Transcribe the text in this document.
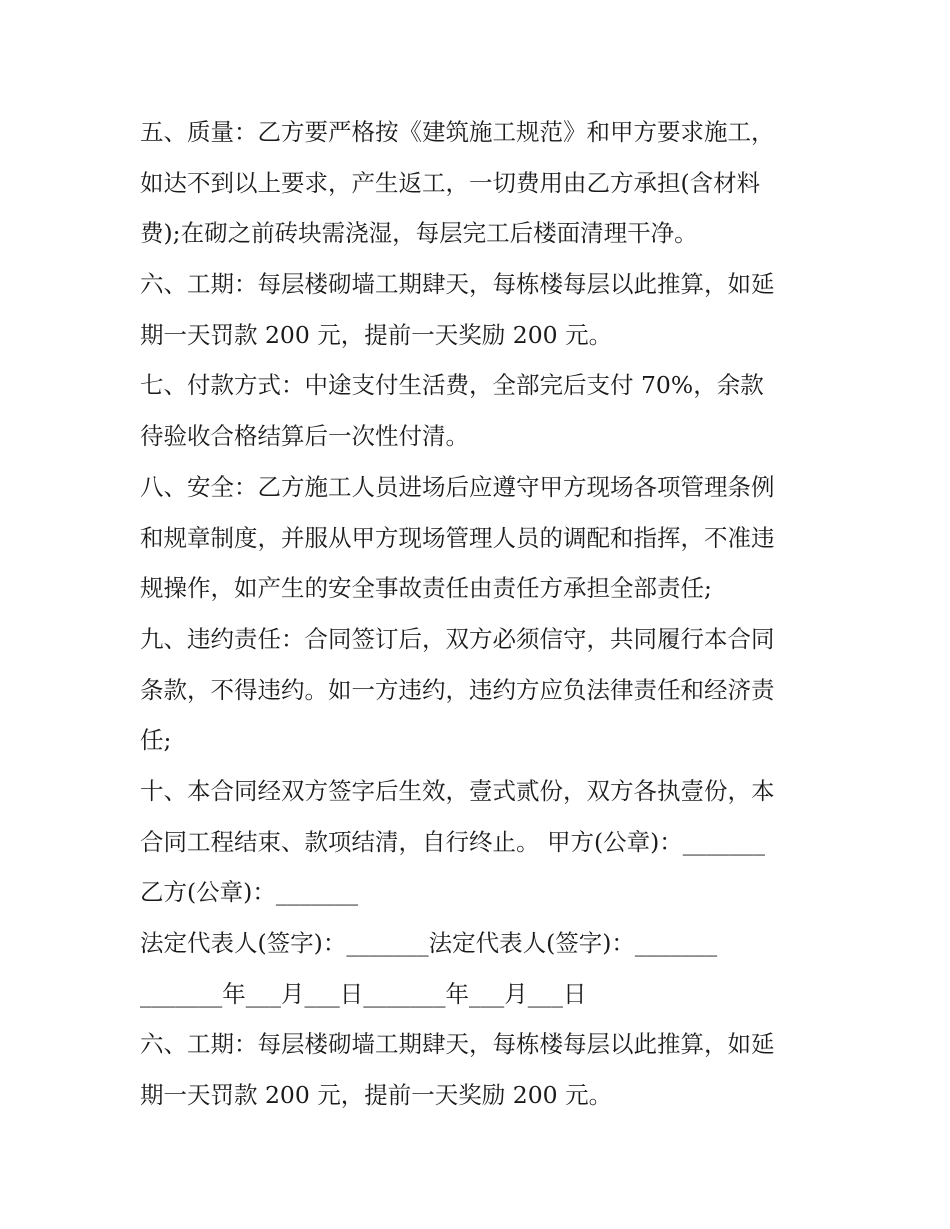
五、质量：乙方要严格按《建筑施工规范》和甲方要求施工，
如达不到以上要求，产生返工，一切费用由乙方承担(含材料
费);在砌之前砖块需浇湿，每层完工后楼面清理干净。
六、工期：每层楼砌墙工期肆天，每栋楼每层以此推算，如延
期一天罚款 200 元，提前一天奖励 200 元。
七、付款方式：中途支付生活费，全部完后支付 70%，余款
待验收合格结算后一次性付清。
八、安全：乙方施工人员进场后应遵守甲方现场各项管理条例
和规章制度，并服从甲方现场管理人员的调配和指挥，不准违
规操作，如产生的安全事故责任由责任方承担全部责任;
九、违约责任：合同签订后，双方必须信守，共同履行本合同
条款，不得违约。如一方违约，违约方应负法律责任和经济责
任;
十、本合同经双方签字后生效，壹式贰份，双方各执壹份，本
合同工程结束、款项结清，自行终止。 甲方(公章)：_______
乙方(公章)：_______
法定代表人(签字)：_______法定代表人(签字)：_______
_______年___月___日_______年___月___日
六、工期：每层楼砌墙工期肆天，每栋楼每层以此推算，如延
期一天罚款 200 元，提前一天奖励 200 元。
